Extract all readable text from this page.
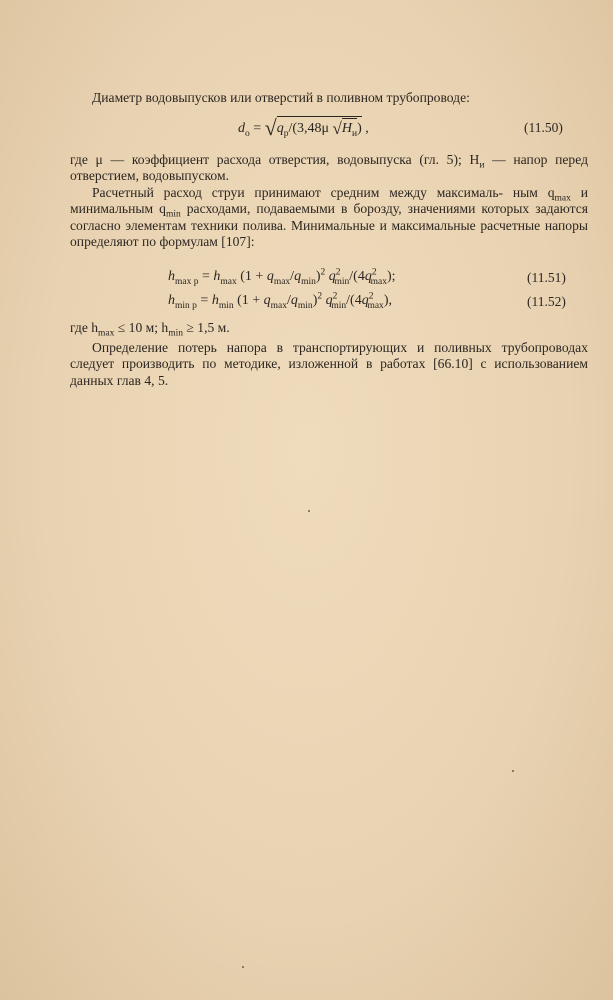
Диаметр водовыпусков или отверстий в поливном трубопроводе:
$d_о = √q_р/(3,48\mu$ $√H_и$) ,	(11.50)
где μ — коэффициент расхода отверстия, водовыпуска (гл. 5); $H_и$ — напор перед отверстием, водовыпуском.
Расчетный расход струи принимают средним между максималь- ным $q_{max}$ и минимальным $q_{min}$ расходами, подаваемыми в борозду, значениями которых задаются согласно элементам техники полива. Минимальные и максимальные расчетные напоры определяют по формулам [107]:
$h_{max р} = h_{max}$ $(1 + q_{max}/q_{min})^2$ $q^2_{min}/(4q^2_{max})$;	(11.51)
$h_{min р} = h_{min}$ $(1 + q_{max}/q_{min})^2$ $q^2_{min}/(4q^2_{max})$,	(11.52)
где $h_{max} \le 10$ м; $h_{min} \ge 1,5$ м.
Определение потерь напора в транспортирующих и поливных трубопроводах следует производить по методике, изложенной в работах [66.10] с использованием данных глав 4, 5.
